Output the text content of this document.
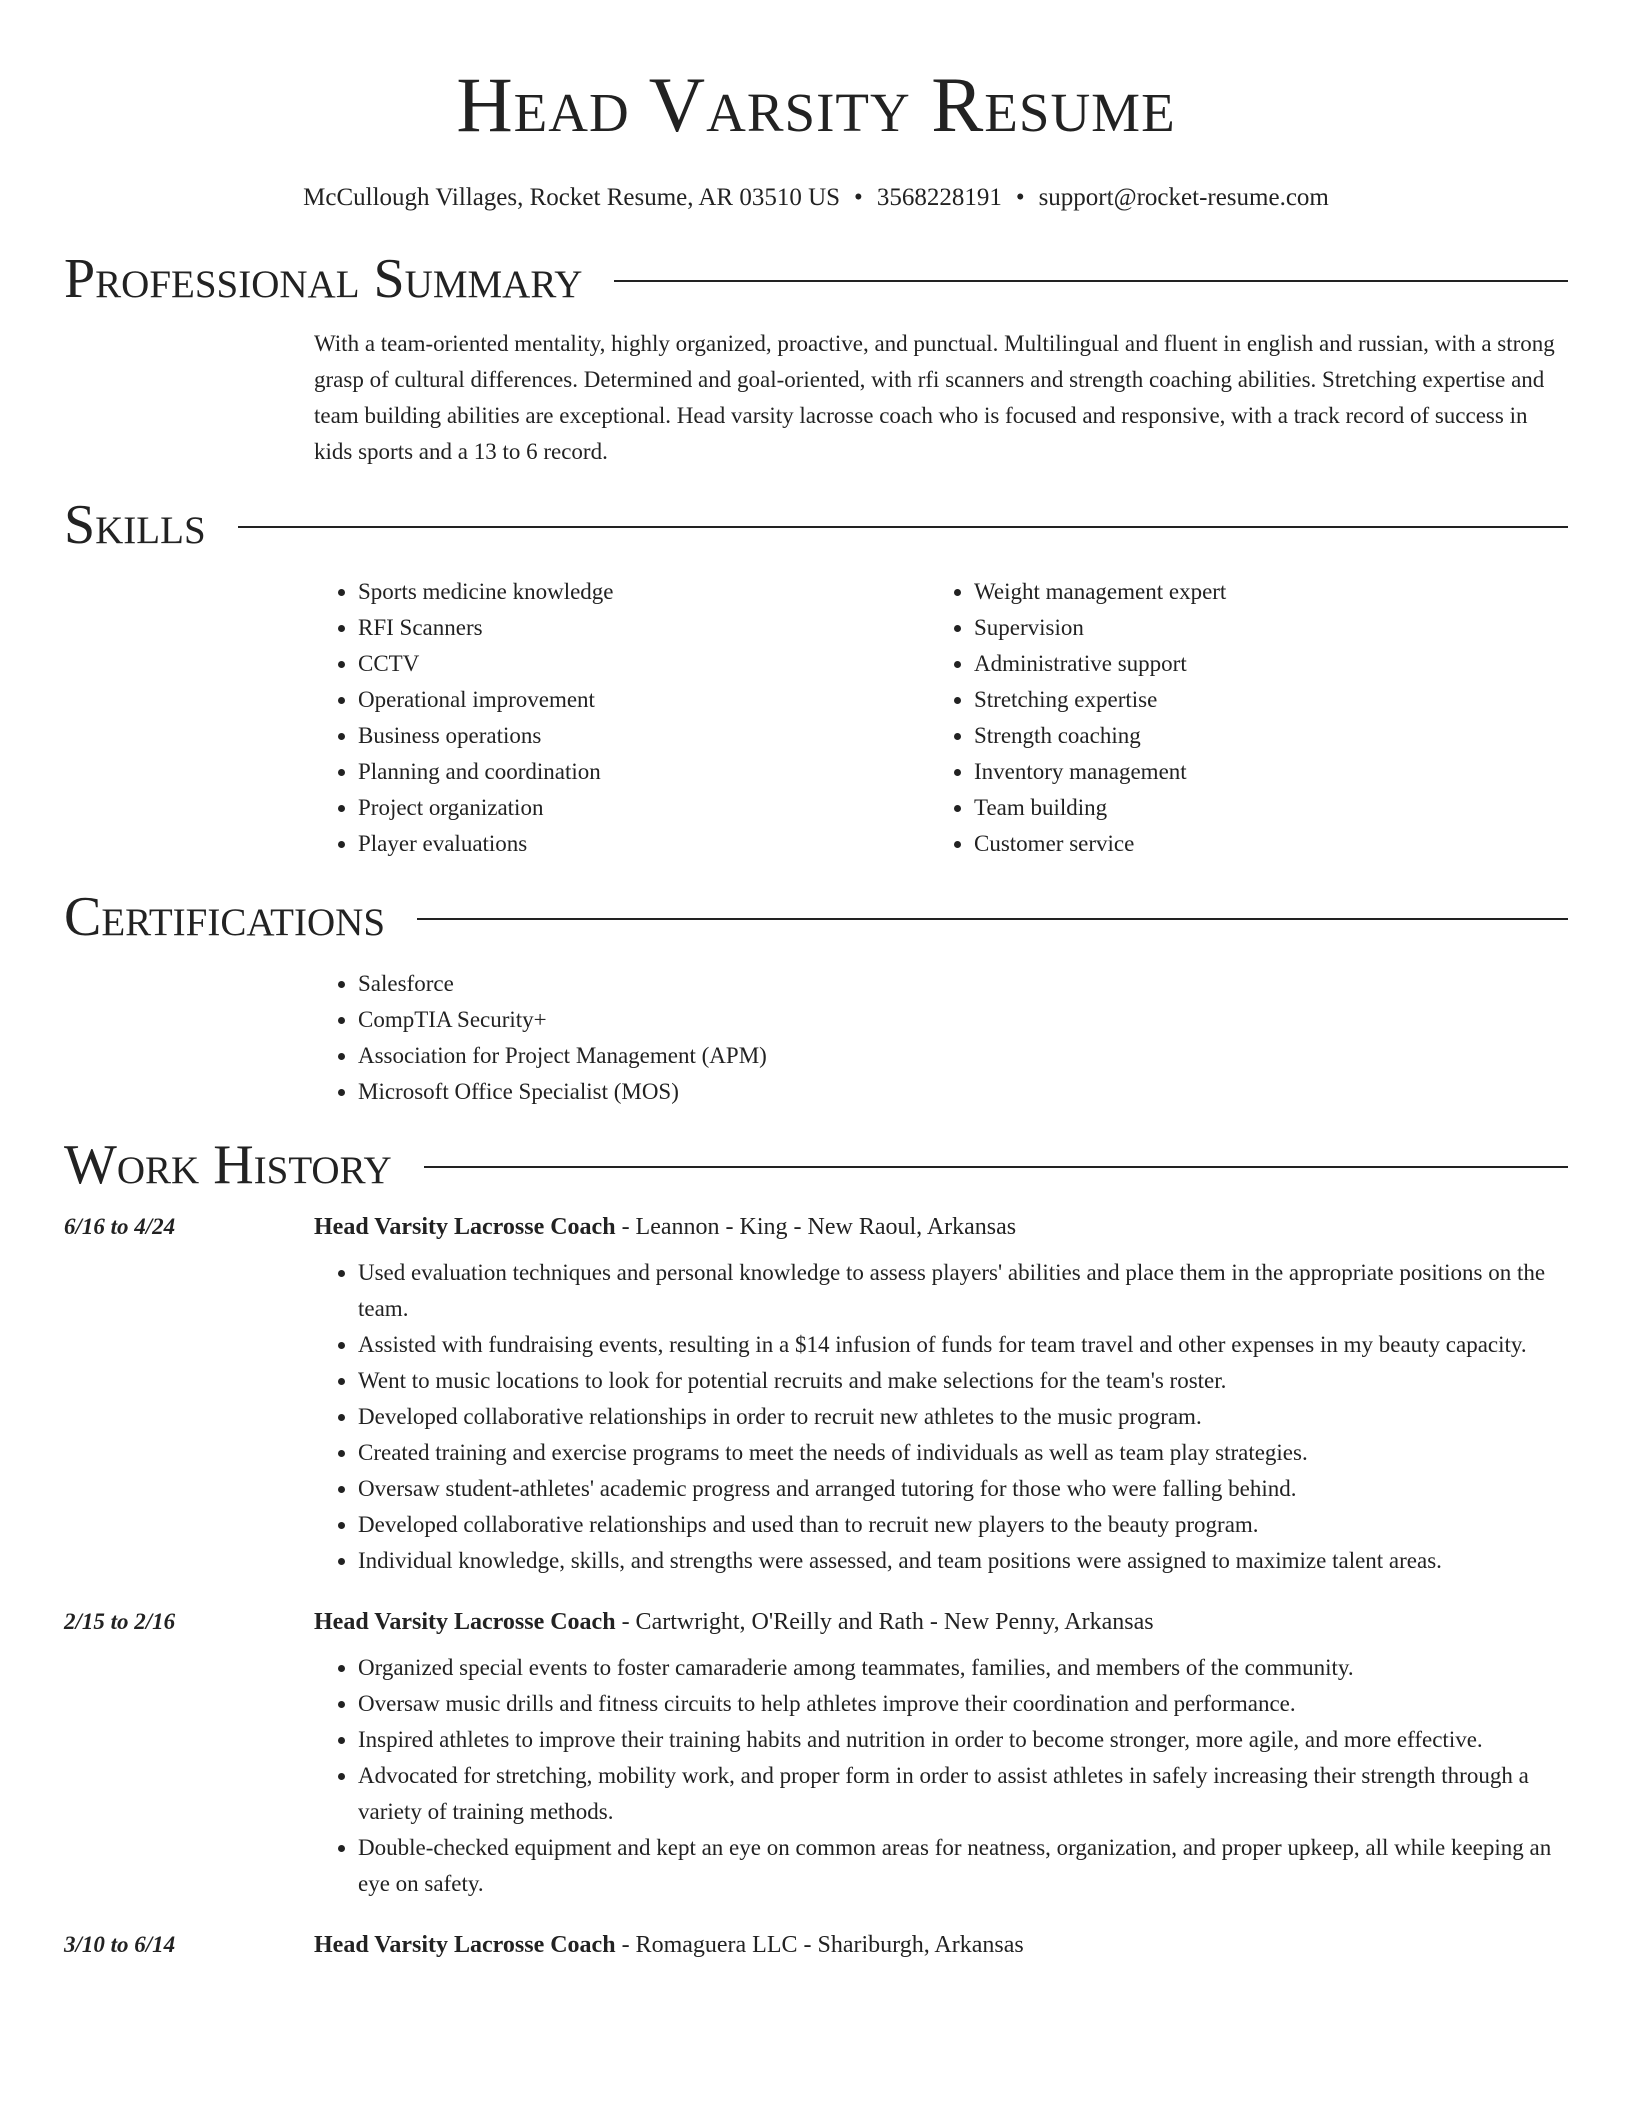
Head Varsity Resume
McCullough Villages, Rocket Resume, AR 03510 US • 3568228191 • support@rocket-resume.com
Professional Summary

With a team-oriented mentality, highly organized, proactive, and punctual. Multilingual and fluent in english and russian, with a strong grasp of cultural differences. Determined and goal-oriented, with rfi scanners and strength coaching abilities. Stretching expertise and team building abilities are exceptional. Head varsity lacrosse coach who is focused and responsive, with a track record of success in kids sports and a 13 to 6 record.

Skills
• Sports medicine knowledge
• RFI Scanners
• CCTV
• Operational improvement
• Business operations
• Planning and coordination
• Project organization
• Player evaluations
• Weight management expert
• Supervision
• Administrative support
• Stretching expertise
• Strength coaching
• Inventory management
• Team building
• Customer service
Certifications
• Salesforce
• CompTIA Security+
• Association for Project Management (APM)
• Microsoft Office Specialist (MOS)
Work History
6/16 to 4/24	Head Varsity Lacrosse Coach - Leannon - King - New Raoul, Arkansas
• Used evaluation techniques and personal knowledge to assess players' abilities and place them in the appropriate positions on the team.
• Assisted with fundraising events, resulting in a $14 infusion of funds for team travel and other expenses in my beauty capacity.
• Went to music locations to look for potential recruits and make selections for the team's roster.
• Developed collaborative relationships in order to recruit new athletes to the music program.
• Created training and exercise programs to meet the needs of individuals as well as team play strategies.
• Oversaw student-athletes' academic progress and arranged tutoring for those who were falling behind.
• Developed collaborative relationships and used than to recruit new players to the beauty program.
• Individual knowledge, skills, and strengths were assessed, and team positions were assigned to maximize talent areas.
2/15 to 2/16	Head Varsity Lacrosse Coach - Cartwright, O'Reilly and Rath - New Penny, Arkansas
• Organized special events to foster camaraderie among teammates, families, and members of the community.
• Oversaw music drills and fitness circuits to help athletes improve their coordination and performance.
• Inspired athletes to improve their training habits and nutrition in order to become stronger, more agile, and more effective.
• Advocated for stretching, mobility work, and proper form in order to assist athletes in safely increasing their strength through a variety of training methods.
• Double-checked equipment and kept an eye on common areas for neatness, organization, and proper upkeep, all while keeping an eye on safety.
3/10 to 6/14	Head Varsity Lacrosse Coach - Romaguera LLC - Shariburgh, Arkansas
